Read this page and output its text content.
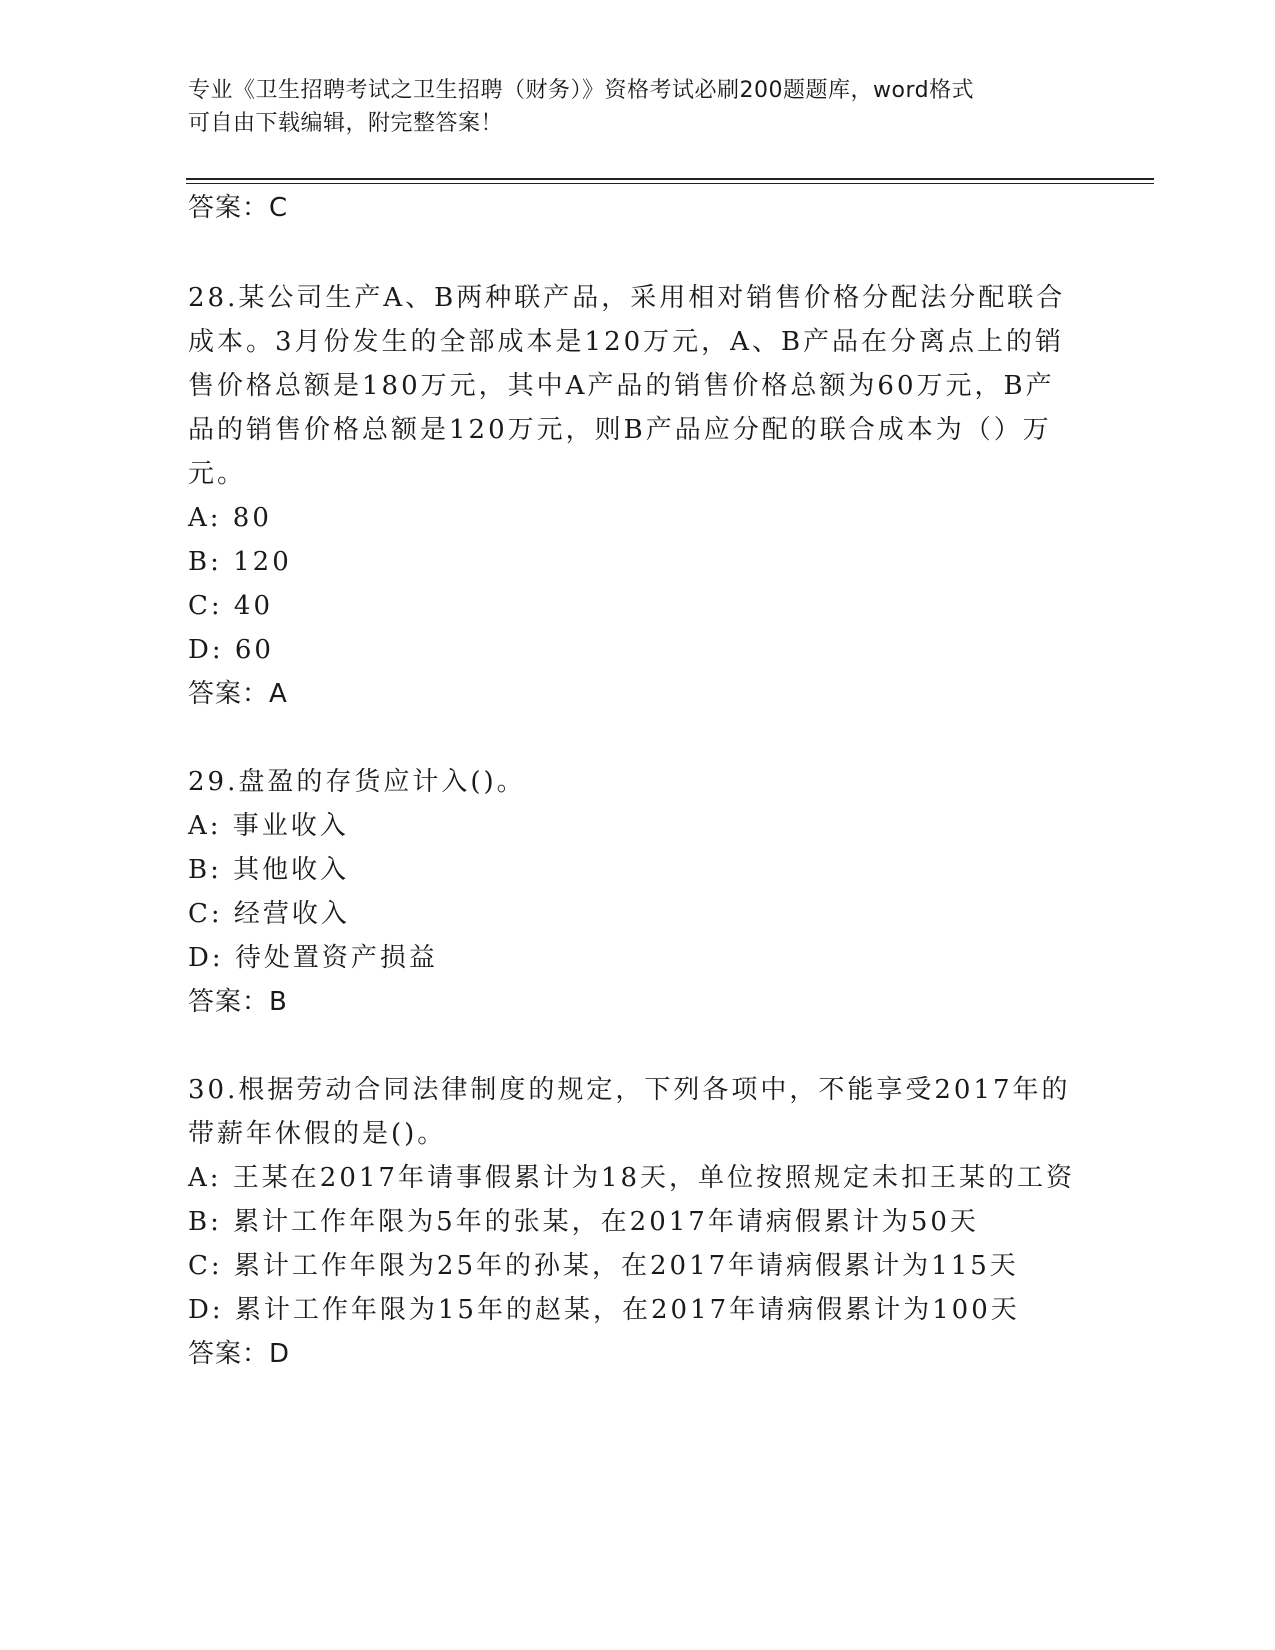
专业《卫生招聘考试之卫生招聘（财务）》资格考试必刷200题题库，word格式
可自由下载编辑，附完整答案！
答案：C
28.某公司生产A、B两种联产品，采用相对销售价格分配法分配联合
成本。3月份发生的全部成本是120万元，A、B产品在分离点上的销
售价格总额是180万元，其中A产品的销售价格总额为60万元，B产
品的销售价格总额是120万元，则B产品应分配的联合成本为（）万
元。
A: 80
B: 120
C: 40
D: 60
答案：A
29.盘盈的存货应计入()。
A: 事业收入
B: 其他收入
C: 经营收入
D: 待处置资产损益
答案：B
30.根据劳动合同法律制度的规定，下列各项中，不能享受2017年的
带薪年休假的是()。
A: 王某在2017年请事假累计为18天，单位按照规定未扣王某的工资
B: 累计工作年限为5年的张某，在2017年请病假累计为50天
C: 累计工作年限为25年的孙某，在2017年请病假累计为115天
D: 累计工作年限为15年的赵某，在2017年请病假累计为100天
答案：D
